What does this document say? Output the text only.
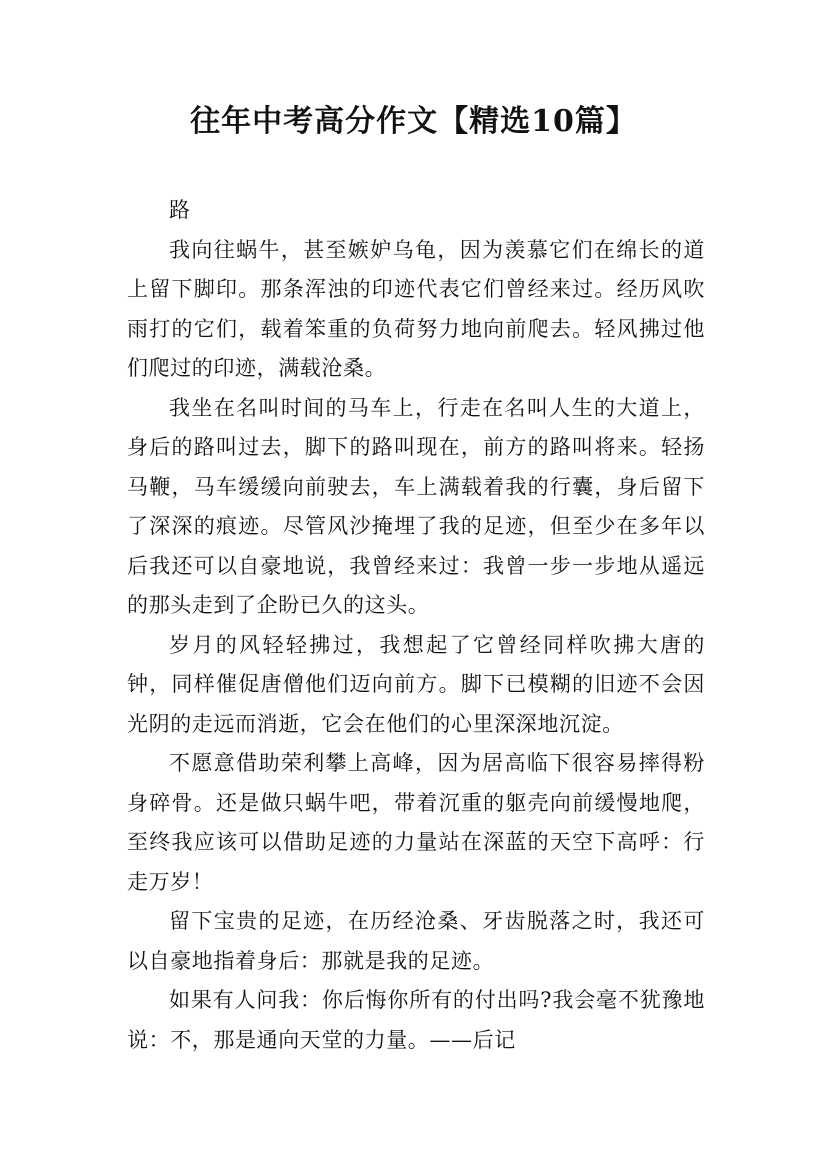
往年中考高分作文【精选10篇】
路

我向往蜗牛，甚至嫉妒乌龟，因为羡慕它们在绵长的道上留下脚印。那条浑浊的印迹代表它们曾经来过。经历风吹雨打的它们，载着笨重的负荷努力地向前爬去。轻风拂过他们爬过的印迹，满载沧桑。

我坐在名叫时间的马车上，行走在名叫人生的大道上，身后的路叫过去，脚下的路叫现在，前方的路叫将来。轻扬马鞭，马车缓缓向前驶去，车上满载着我的行囊，身后留下了深深的痕迹。尽管风沙掩埋了我的足迹，但至少在多年以后我还可以自豪地说，我曾经来过：我曾一步一步地从遥远的那头走到了企盼已久的这头。

岁月的风轻轻拂过，我想起了它曾经同样吹拂大唐的钟，同样催促唐僧他们迈向前方。脚下已模糊的旧迹不会因光阴的走远而消逝，它会在他们的心里深深地沉淀。

不愿意借助荣利攀上高峰，因为居高临下很容易摔得粉身碎骨。还是做只蜗牛吧，带着沉重的躯壳向前缓慢地爬，至终我应该可以借助足迹的力量站在深蓝的天空下高呼：行走万岁！

留下宝贵的足迹，在历经沧桑、牙齿脱落之时，我还可以自豪地指着身后：那就是我的足迹。

如果有人问我：你后悔你所有的付出吗?我会毫不犹豫地说：不，那是通向天堂的力量。——后记
